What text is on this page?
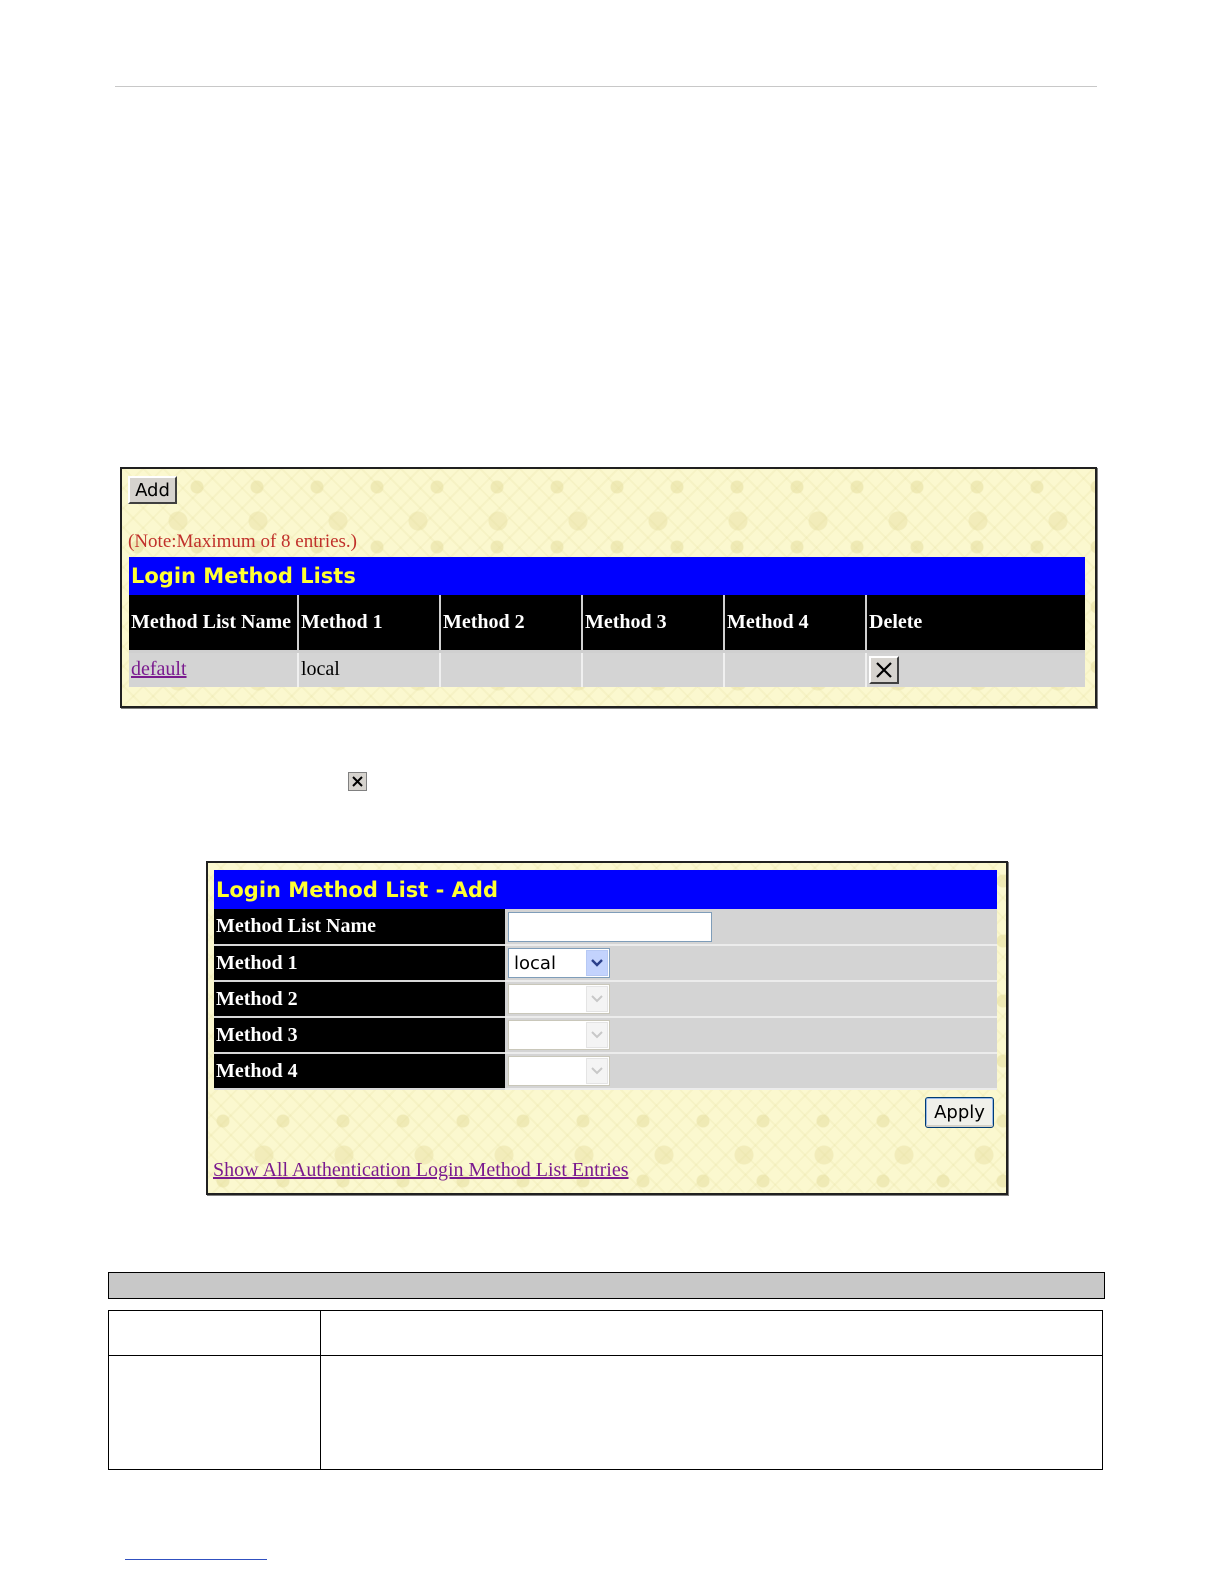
Add
(Note:Maximum of 8 entries.)
Login Method Lists
Method List Name	Method 1	Method 2	Method 3	Method 4	Delete
default	local				
Login Method List - Add
Method List Name	

Method 1	local

Method 2	

Method 3	

Method 4	
Apply
Show All Authentication Login Method List Entries
